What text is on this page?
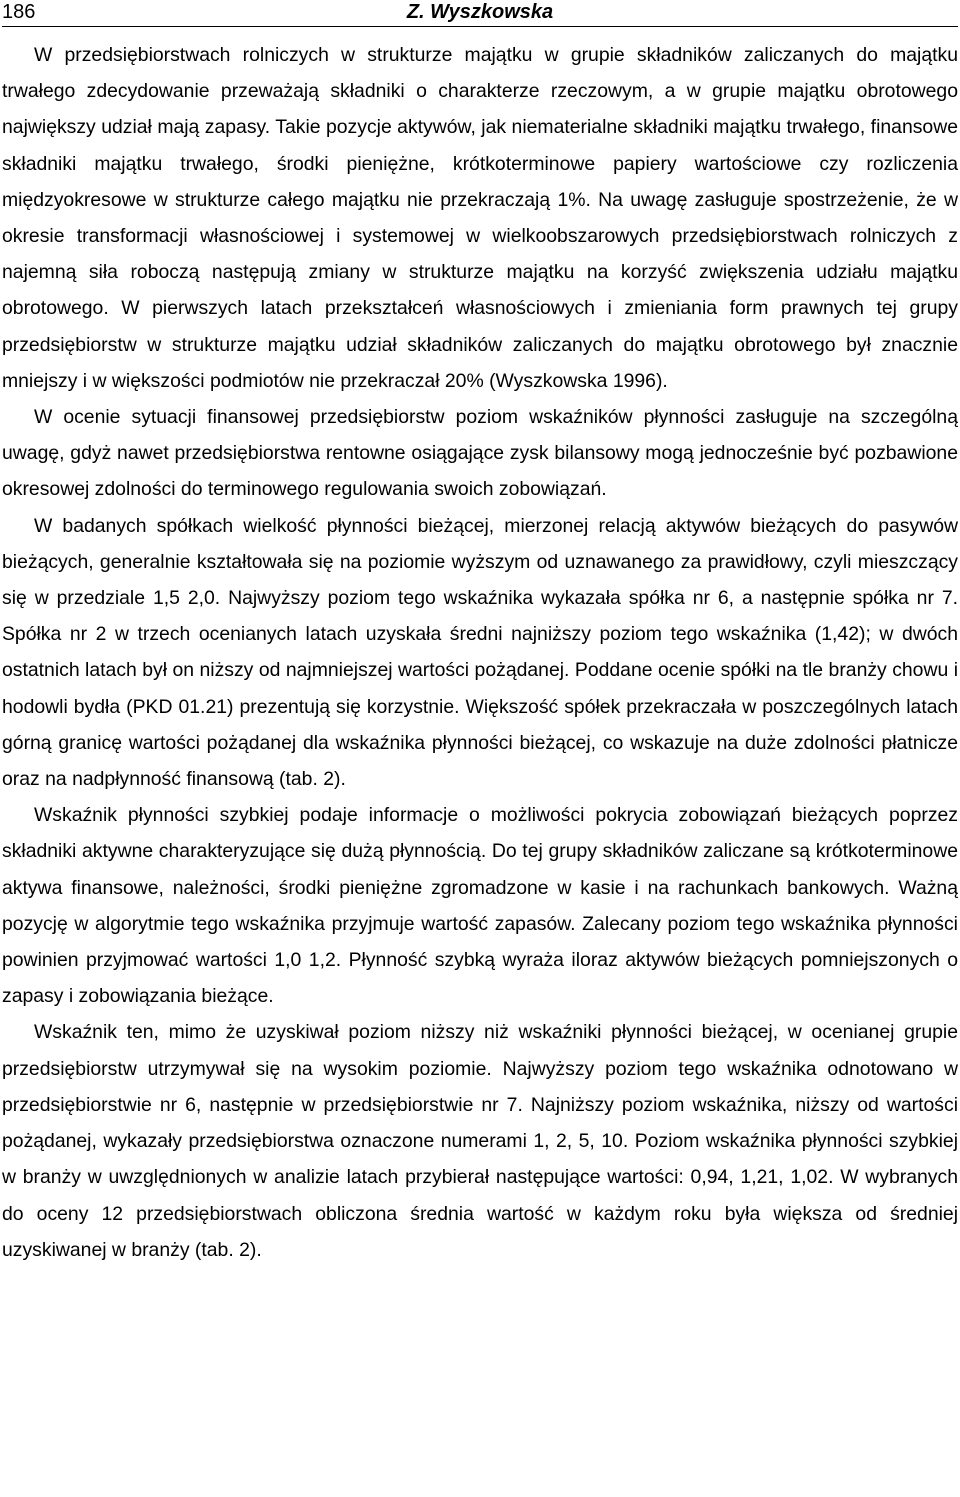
186	Z. Wyszkowska

W przedsiębiorstwach rolniczych w strukturze majątku w grupie składników zaliczanych do majątku trwałego zdecydowanie przeważają składniki o charakterze rzeczowym, a w grupie majątku obrotowego największy udział mają zapasy. Takie pozycje aktywów, jak niematerialne składniki majątku trwałego, finansowe składniki majątku trwałego, środki pieniężne, krótkoterminowe papiery wartościowe czy rozliczenia międzyokresowe w strukturze całego majątku nie przekraczają 1%. Na uwagę zasługuje spostrzeżenie, że w okresie transformacji własnościowej i systemowej w wielkoobszarowych przedsiębiorstwach rolniczych z najemną siła roboczą następują zmiany w strukturze majątku na korzyść zwiększenia udziału majątku obrotowego. W pierwszych latach przekształceń własnościowych i zmieniania form prawnych tej grupy przedsiębiorstw w strukturze majątku udział składników zaliczanych do majątku obrotowego był znacznie mniejszy i w większości podmiotów nie przekraczał 20% (Wyszkowska 1996).

W ocenie sytuacji finansowej przedsiębiorstw poziom wskaźników płynności zasługuje na szczególną uwagę, gdyż nawet przedsiębiorstwa rentowne osiągające zysk bilansowy mogą jednocześnie być pozbawione okresowej zdolności do terminowego regulowania swoich zobowiązań.

W badanych spółkach wielkość płynności bieżącej, mierzonej relacją aktywów bieżących do pasywów bieżących, generalnie kształtowała się na poziomie wyższym od uznawanego za prawidłowy, czyli mieszczący się w przedziale 1,5 2,0. Najwyższy poziom tego wskaźnika wykazała spółka nr 6, a następnie spółka nr 7. Spółka nr 2 w trzech ocenianych latach uzyskała średni najniższy poziom tego wskaźnika (1,42); w dwóch ostatnich latach był on niższy od najmniejszej wartości pożądanej. Poddane ocenie spółki na tle branży chowu i hodowli bydła (PKD 01.21) prezentują się korzystnie. Większość spółek przekraczała w poszczególnych latach górną granicę wartości pożądanej dla wskaźnika płynności bieżącej, co wskazuje na duże zdolności płatnicze oraz na nadpłynność finansową (tab. 2).

Wskaźnik płynności szybkiej podaje informacje o możliwości pokrycia zobowiązań bieżących poprzez składniki aktywne charakteryzujące się dużą płynnością. Do tej grupy składników zaliczane są krótkoterminowe aktywa finansowe, należności, środki pieniężne zgromadzone w kasie i na rachunkach bankowych. Ważną pozycję w algorytmie tego wskaźnika przyjmuje wartość zapasów. Zalecany poziom tego wskaźnika płynności powinien przyjmować wartości 1,0 1,2. Płynność szybką wyraża iloraz aktywów bieżących pomniejszonych o zapasy i zobowiązania bieżące.

Wskaźnik ten, mimo że uzyskiwał poziom niższy niż wskaźniki płynności bieżącej, w ocenianej grupie przedsiębiorstw utrzymywał się na wysokim poziomie. Najwyższy poziom tego wskaźnika odnotowano w przedsiębiorstwie nr 6, następnie w przedsiębiorstwie nr 7. Najniższy poziom wskaźnika, niższy od wartości pożądanej, wykazały przedsiębiorstwa oznaczone numerami 1, 2, 5, 10. Poziom wskaźnika płynności szybkiej w branży w uwzględnionych w analizie latach przybierał następujące wartości: 0,94, 1,21, 1,02. W wybranych do oceny 12 przedsiębiorstwach obliczona średnia wartość w każdym roku była większa od średniej uzyskiwanej w branży (tab. 2).
